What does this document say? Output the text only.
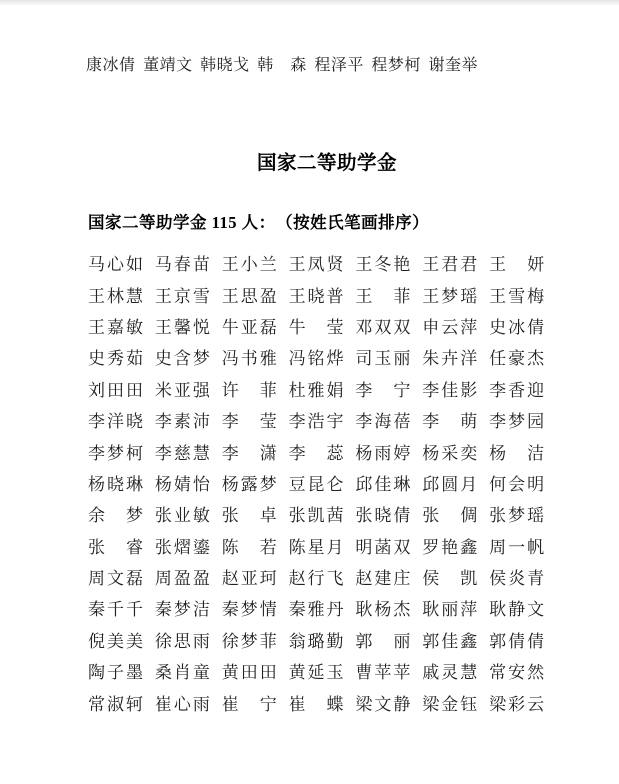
康冰倩 董靖文 韩晓戈 韩　森 程泽平 程梦柯 谢奎举
国家二等助学金
国家二等助学金 115 人：　（按姓氏笔画排序）
马心如 马春苗 王小兰 王凤贤 王冬艳 王君君 王　妍
王林慧 王京雪 王思盈 王晓普 王　菲 王梦瑶 王雪梅
王嘉敏 王馨悦 牛亚磊 牛　莹 邓双双 申云萍 史冰倩
史秀茹 史含梦 冯书雅 冯铭烨 司玉丽 朱卉洋 任豪杰
刘田田 米亚强 许　菲 杜雅娟 李　宁 李佳影 李香迎
李洋晓 李素沛 李　莹 李浩宇 李海蓓 李　萌 李梦园
李梦柯 李慈慧 李　潇 李　蕊 杨雨婷 杨采奕 杨　洁
杨晓琳 杨婧怡 杨露梦 豆昆仑 邱佳琳 邱圆月 何会明
余　梦 张业敏 张　卓 张凯茜 张晓倩 张　倜 张梦瑶
张　睿 张熠鎏 陈　若 陈星月 明菡双 罗艳鑫 周一帆
周文磊 周盈盈 赵亚珂 赵行飞 赵建庄 侯　凯 侯炎青
秦千千 秦梦洁 秦梦情 秦雅丹 耿杨杰 耿丽萍 耿静文
倪美美 徐思雨 徐梦菲 翁璐勤 郭　丽 郭佳鑫 郭倩倩
陶子墨 桑肖童 黄田田 黄延玉 曹苹苹 戚灵慧 常安然
常淑轲 崔心雨 崔　宁 崔　蝶 梁文静 梁金钰 梁彩云
